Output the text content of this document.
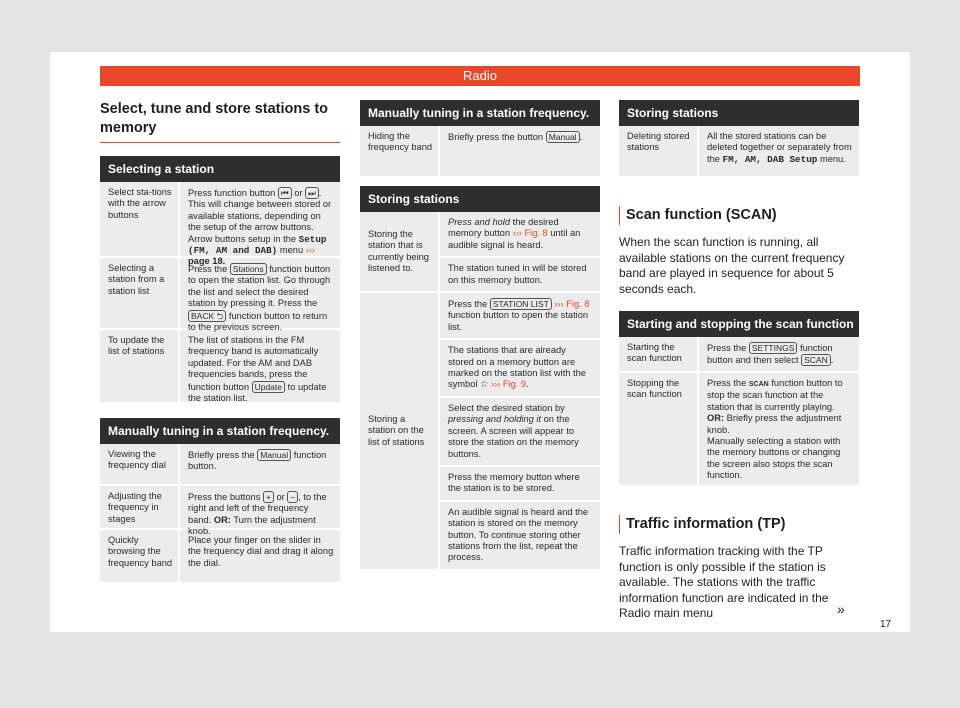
Radio
Select, tune and store stations to memory
Selecting a station
Select sta-tions with the arrow buttons
Press function button ⏮ or ⏭ . This will change between stored or available stations, depending on the setup of the arrow buttons. Arrow buttons setup in the Setup (FM, AM and DAB) menu ››› page 18.
Selecting a station from a station list
Press the Stations function button to open the station list. Go through the list and select the desired station by pressing it. Press the BACK ⮌ function button to return to the previous screen.
To update the list of stations
The list of stations in the FM frequency band is automatically updated. For the AM and DAB frequencies bands, press the function button Update to update the station list.
Manually tuning in a station frequency.
Viewing the frequency dial
Briefly press the Manual function button.
Adjusting the frequency in stages
Press the buttons + or – , to the right and left of the frequency band. OR: Turn the adjustment knob.
Quickly browsing the frequency band
Place your finger on the slider in the frequency dial and drag it along the dial.
Manually tuning in a station frequency.
Hiding the frequency band
Briefly press the button Manual .
Storing stations
Storing the station that is currently being listened to.
Press and hold the desired memory button ››› Fig. 8 until an audible signal is heard.
The station tuned in will be stored on this memory button.
Storing a station on the list of stations
Press the STATION LIST ››› Fig. 8 function button to open the station list.
The stations that are already stored on a memory button are marked on the station list with the symbol ☆ ››› Fig. 9.
Select the desired station by pressing and holding it on the screen. A screen will appear to store the station on the memory buttons.
Press the memory button where the station is to be stored.
An audible signal is heard and the station is stored on the memory button. To continue storing other stations from the list, repeat the process.
Storing stations
Deleting stored stations
All the stored stations can be deleted together or separately from the FM, AM, DAB Setup menu.
Scan function (SCAN)
When the scan function is running, all available stations on the current frequency band are played in sequence for about 5 seconds each.
Starting and stopping the scan function
Starting the scan function
Press the SETTINGS function button and then select SCAN .
Stopping the scan function
Press the SCAN function button to stop the scan function at the station that is currently playing.
OR: Briefly press the adjustment knob.
Manually selecting a station with the memory buttons or changing the screen also stops the scan function.
Traffic information (TP)
Traffic information tracking with the TP function is only possible if the station is available. The stations with the traffic information function are indicated in the Radio main menu	»
17
